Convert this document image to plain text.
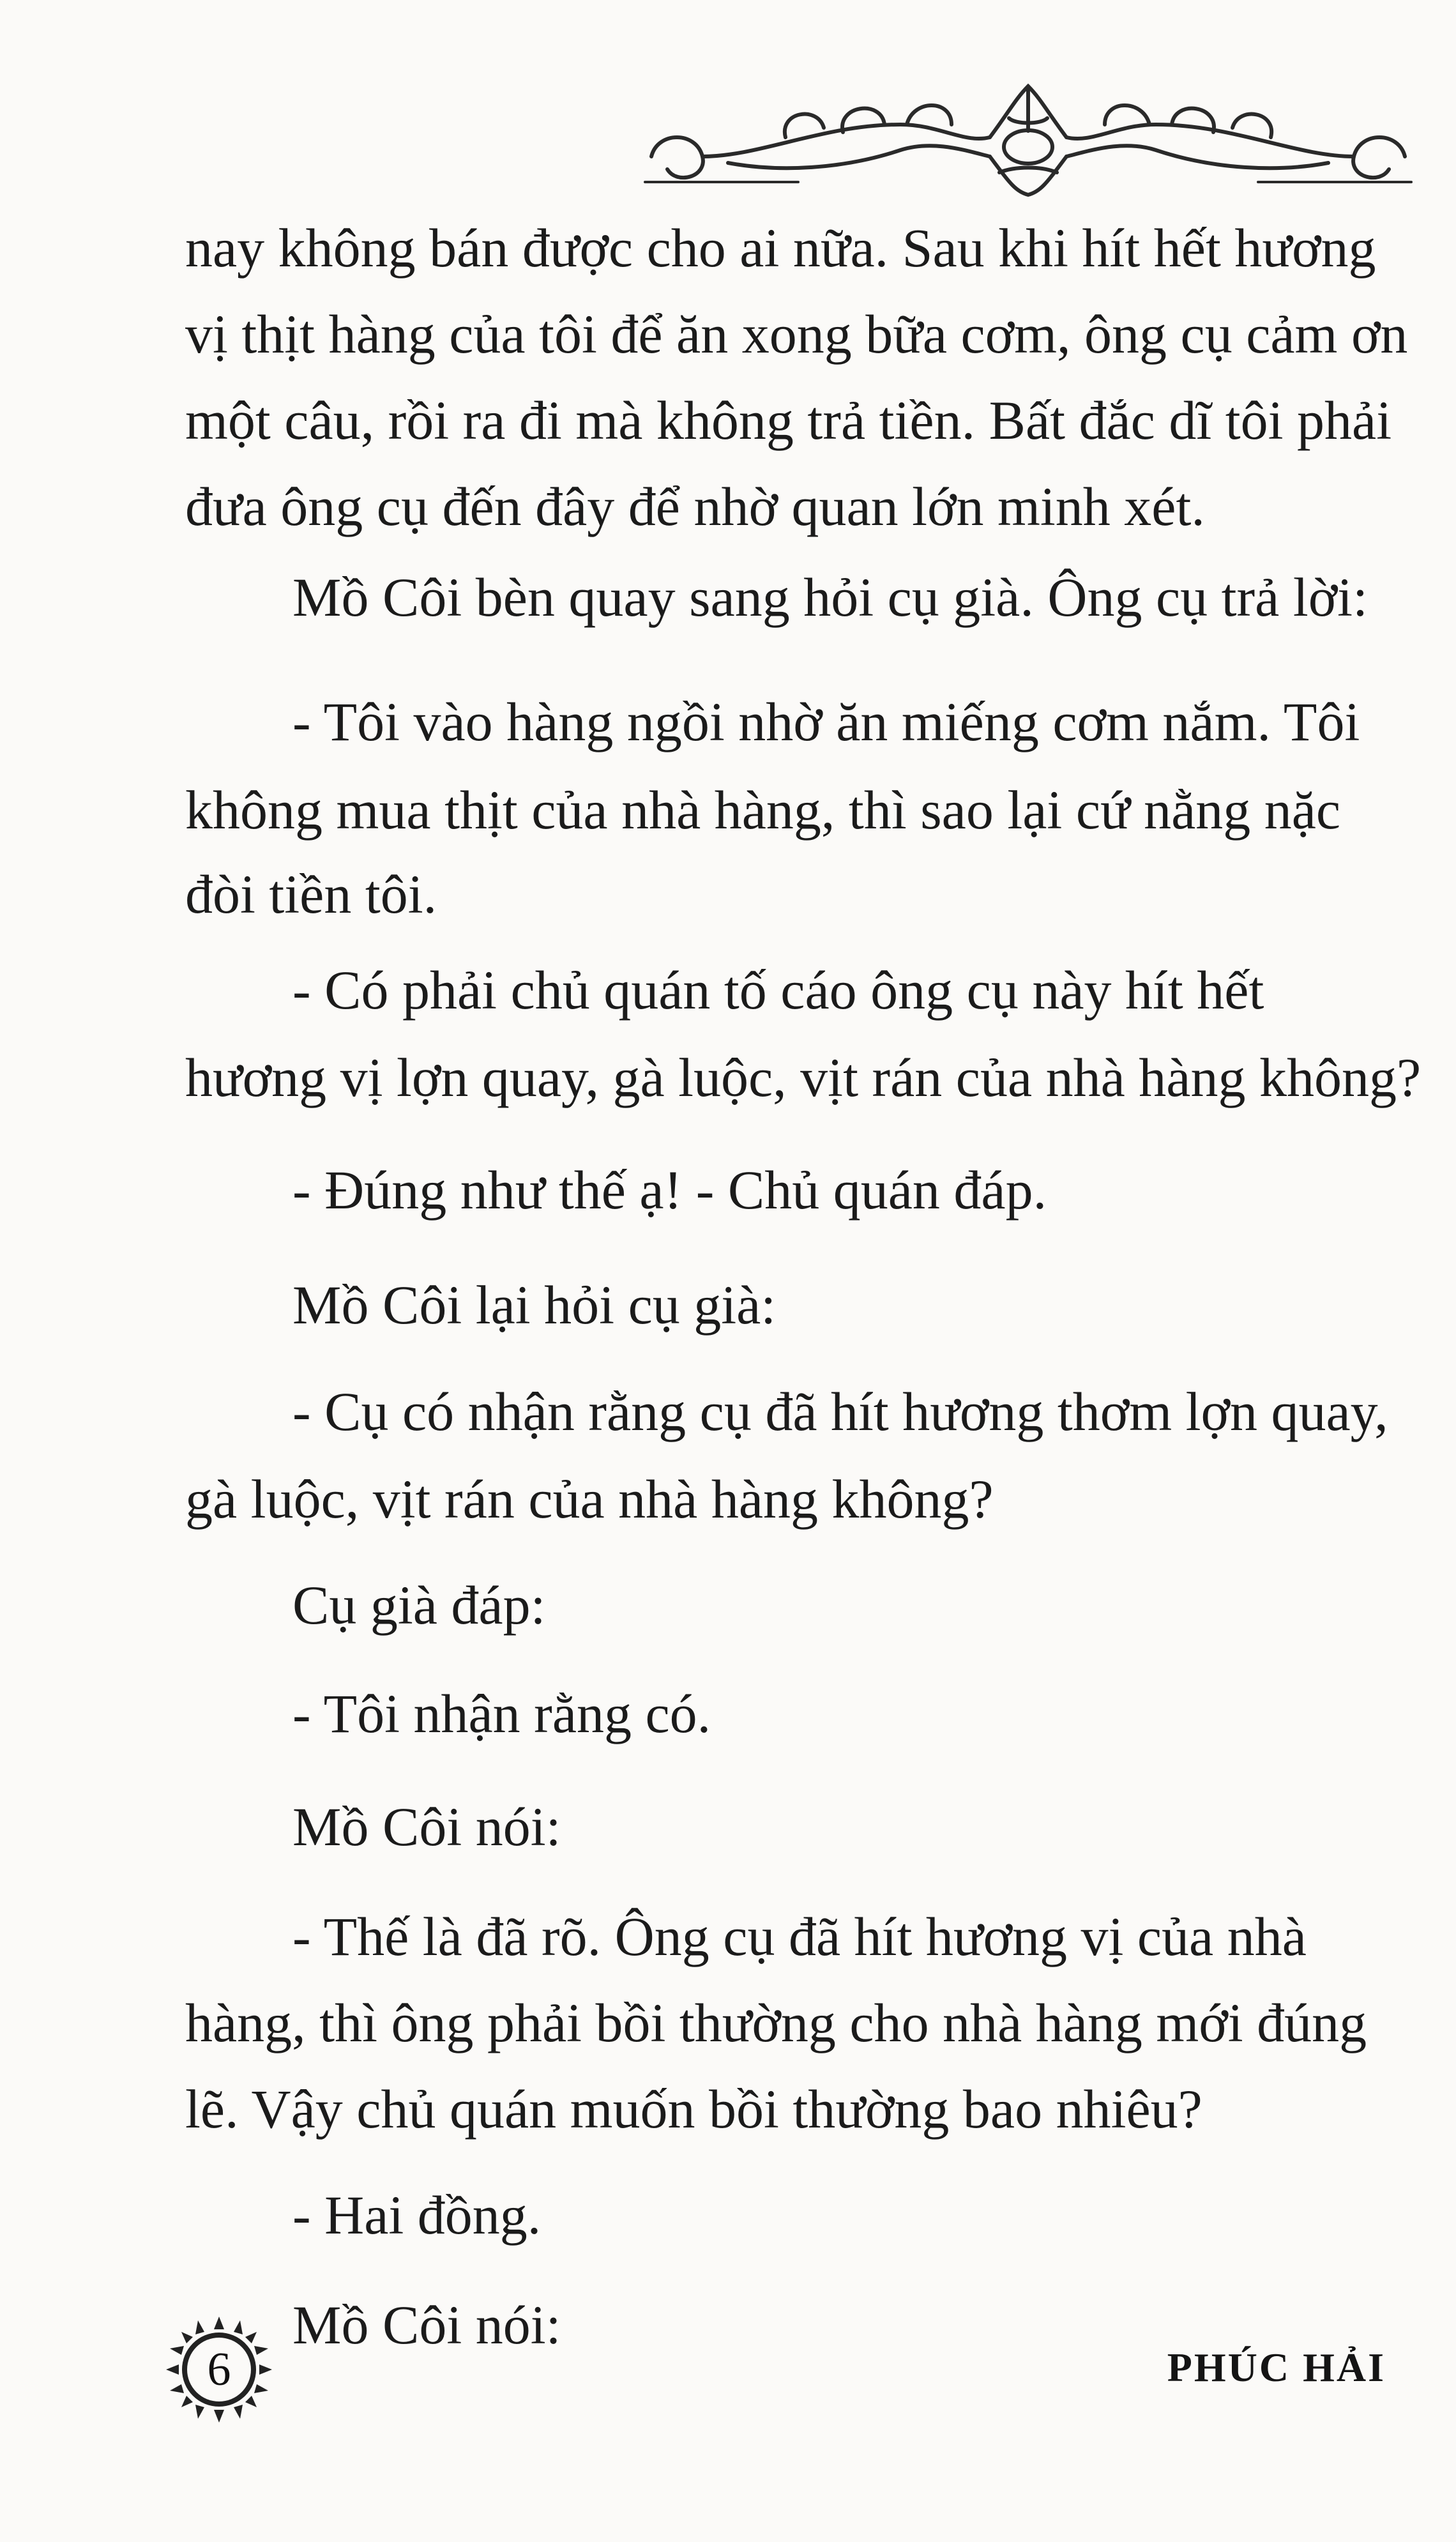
nay không bán được cho ai nữa. Sau khi hít hết hương

vị thịt hàng của tôi để ăn xong bữa cơm, ông cụ cảm ơn

một câu, rồi ra đi mà không trả tiền. Bất đắc dĩ tôi phải

đưa ông cụ đến đây để nhờ quan lớn minh xét.

Mồ Côi bèn quay sang hỏi cụ già. Ông cụ trả lời:

- Tôi vào hàng ngồi nhờ ăn miếng cơm nắm. Tôi

không mua thịt của nhà hàng, thì sao lại cứ nằng nặc

đòi tiền tôi.

- Có phải chủ quán tố cáo ông cụ này hít hết

hương vị lợn quay, gà luộc, vịt rán của nhà hàng không?

- Đúng như thế ạ! - Chủ quán đáp.

Mồ Côi lại hỏi cụ già:

- Cụ có nhận rằng cụ đã hít hương thơm lợn quay,

gà luộc, vịt rán của nhà hàng không?

Cụ già đáp:

- Tôi nhận rằng có.

Mồ Côi nói:

- Thế là đã rõ. Ông cụ đã hít hương vị của nhà

hàng, thì ông phải bồi thường cho nhà hàng mới đúng

lẽ. Vậy chủ quán muốn bồi thường bao nhiêu?

- Hai đồng.

Mồ Côi nói:

6	PHÚC HẢI
